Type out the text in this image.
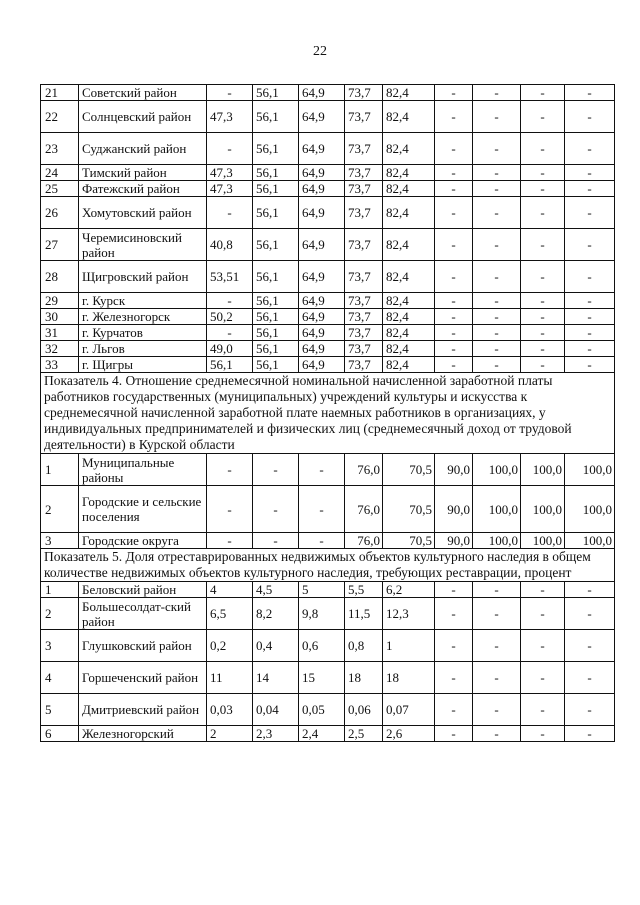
22
21	Советский район	-	56,1	64,9	73,7	82,4	-	-	-	-
22	Солнцевский район	47,3	56,1	64,9	73,7	82,4	-	-	-	-
23	Суджанский район	-	56,1	64,9	73,7	82,4	-	-	-	-
24	Тимский район	47,3	56,1	64,9	73,7	82,4	-	-	-	-
25	Фатежский район	47,3	56,1	64,9	73,7	82,4	-	-	-	-
26	Хомутовский район	-	56,1	64,9	73,7	82,4	-	-	-	-
27	Черемисиновский район	40,8	56,1	64,9	73,7	82,4	-	-	-	-
28	Щигровский район	53,51	56,1	64,9	73,7	82,4	-	-	-	-
29	г. Курск	-	56,1	64,9	73,7	82,4	-	-	-	-
30	г. Железногорск	50,2	56,1	64,9	73,7	82,4	-	-	-	-
31	г. Курчатов	-	56,1	64,9	73,7	82,4	-	-	-	-
32	г. Льгов	49,0	56,1	64,9	73,7	82,4	-	-	-	-
33	г. Щигры	56,1	56,1	64,9	73,7	82,4	-	-	-	-
Показатель 4. Отношение среднемесячной номинальной начисленной заработной платы работников государственных (муниципальных) учреждений культуры и искусства к среднемесячной начисленной заработной плате наемных работников в организациях, у индивидуальных предпринимателей и физических лиц (среднемесячный доход от трудовой деятельности) в Курской области										
1	Муниципальные районы	-	-	-	76,0	70,5	90,0	100,0	100,0	100,0
2	Городские и сельские поселения	-	-	-	76,0	70,5	90,0	100,0	100,0	100,0
3	Городские округа	-	-	-	76,0	70,5	90,0	100,0	100,0	100,0
Показатель 5. Доля отреставрированных недвижимых объектов культурного наследия в общем количестве недвижимых объектов культурного наследия, требующих реставрации, процент										
1	Беловский район	4	4,5	5	5,5	6,2	-	-	-	-
2	Большесолдат-ский район	6,5	8,2	9,8	11,5	12,3	-	-	-	-
3	Глушковский район	0,2	0,4	0,6	0,8	1	-	-	-	-
4	Горшеченский район	11	14	15	18	18	-	-	-	-
5	Дмитриевский район	0,03	0,04	0,05	0,06	0,07	-	-	-	-
6	Железногорский	2	2,3	2,4	2,5	2,6	-	-	-	-
